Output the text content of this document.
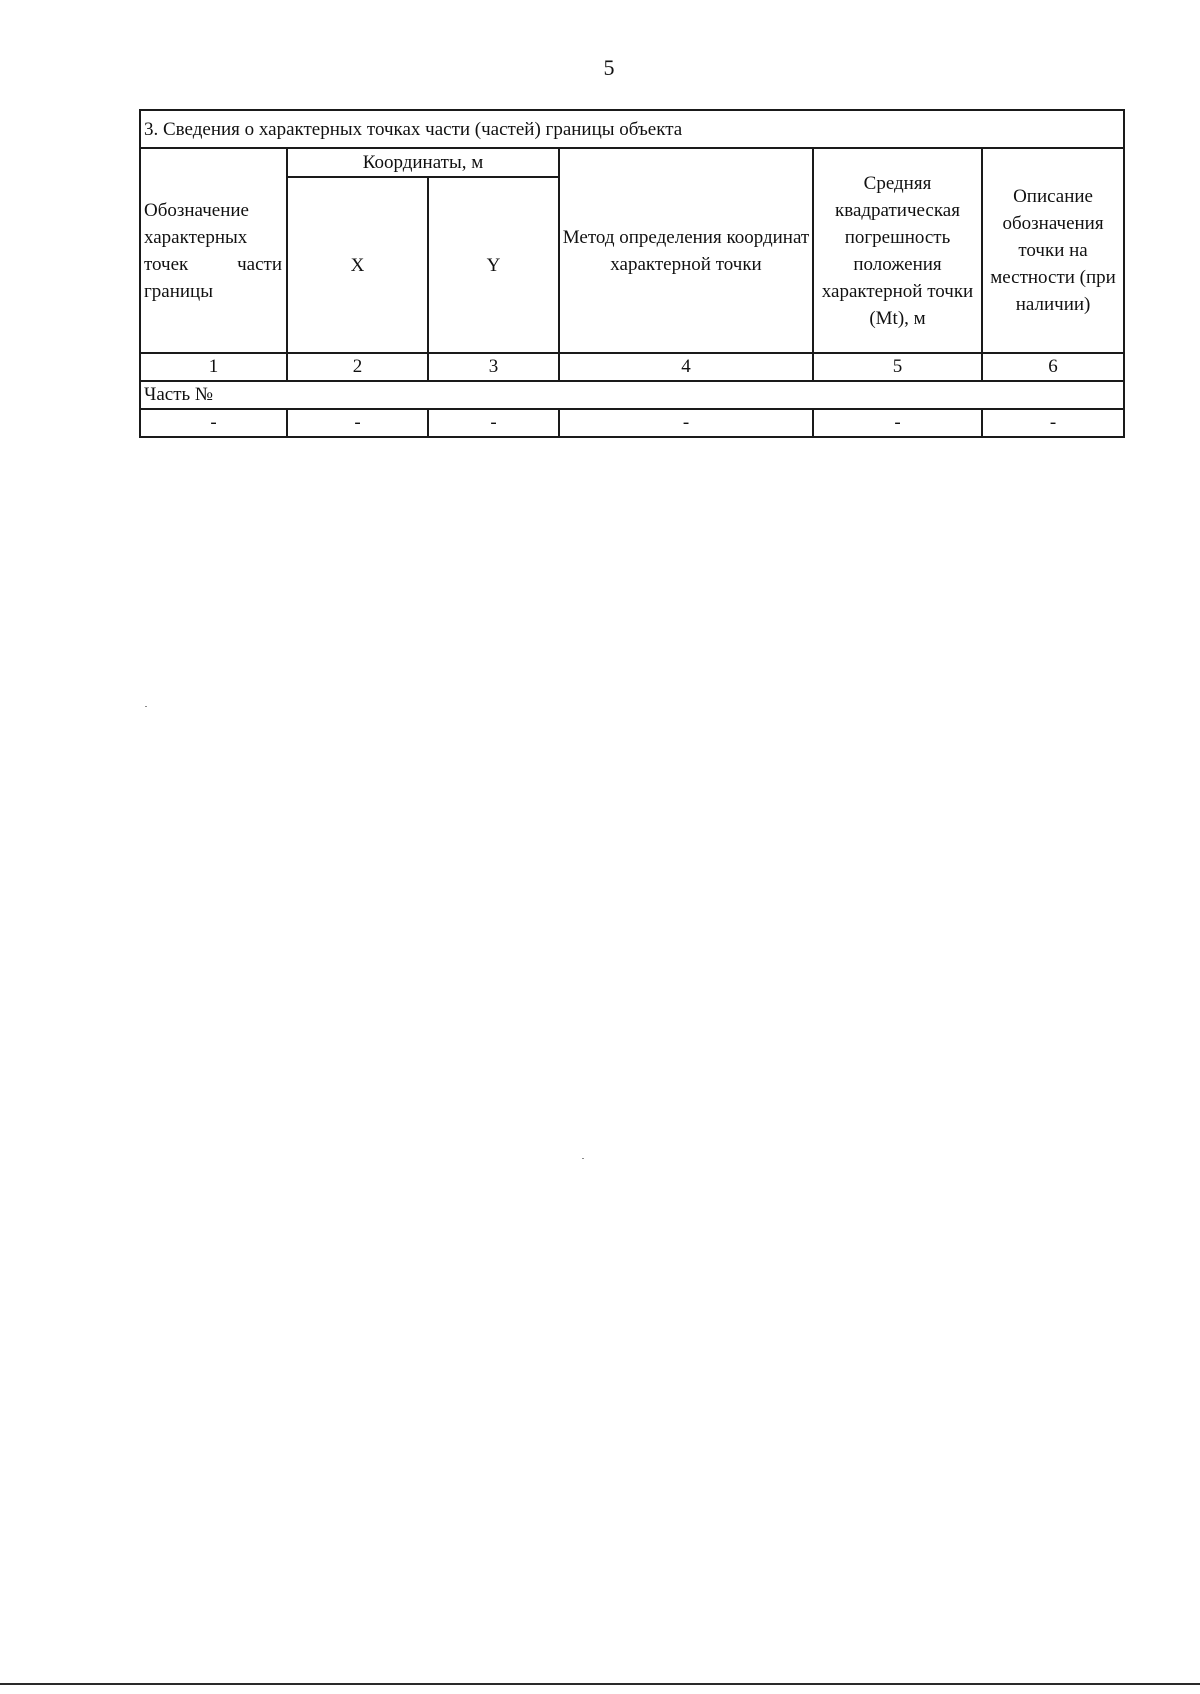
5
3. Сведения о характерных точках части (частей) границы объекта					

Обозначение
характерных
точек части
границы	Координаты, м		Метод определения координат характерной точки	Средняя квадратическая погрешность положения характерной точки (Mt), м	Описание обозначения точки на местности (при наличии)
	X	Y			
1	2	3	4	5	6
Часть №					
-	-	-	-	-	-
